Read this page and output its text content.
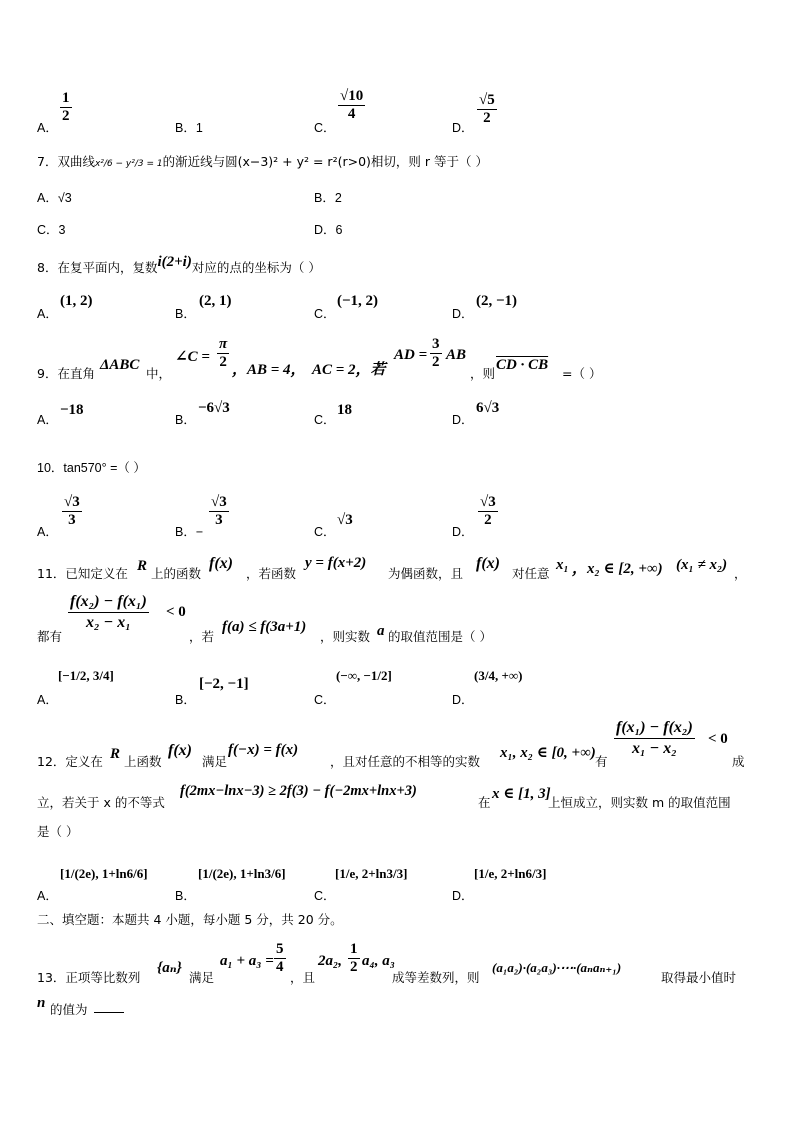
A．
1
2
B．1	C．
√10
4
D．
√5
2
7．双曲线x²/6 − y²/3 = 1的渐近线与圆(x−3)² + y² = r²(r>0)相切，则 r 等于（ ）
A．√3	B．2
C．3	D．6
8．在复平面内，复数i(2+i)对应的点的坐标为（ ）
A．
(1, 2)
B．
(2, 1)
C．
(−1, 2)
D．
(2, −1)
9．在直角
ΔABC
中，
∠C =
π
2 ，AB = 4， AC = 2，若
AD =
3
2 AB
，则
CD · CB
=（ ）
A．
−18
B．
−6√3
C．
18
D．
6√3
10．tan570° =（ ）
A．
√3
3
B．−
√3
3
C．
√3
D．
√3
2
11．已知定义在 R 上的函数
f(x)
，若函数
y = f(x+2)
为偶函数，且
f(x)
对任意
x₁ ，x₂ ∈ [2, +∞) (x₁ ≠ x₂)
，
f(x₂) − f(x₁)
x₂ − x₁
< 0
都有	，若
f(a) ≤ f(3a+1)
，则实数 a 的取值范围是（ ）
A．
[−1/2, 3/4]
B．
[−2, −1]
C．
(−∞, −1/2]
D．
(3/4, +∞)
12．定义在 R 上函数
f(x)
满足
f(−x) = f(x)
，且对任意的不相等的实数
x₁, x₂ ∈ [0, +∞)
有
f(x₁) − f(x₂)
x₁ − x₂
< 0
成
立，若关于 x 的不等式
f(2mx−lnx−3) ≥ 2f(3) − f(−2mx+lnx+3)
在
x ∈ [1, 3]
上恒成立，则实数 m 的取值范围
是（ ）
A．
[1/(2e), 1+ln6/6]
B．
[1/(2e), 1+ln3/6]
C．
[1/e, 2+ln3/3]
D．
[1/e, 2+ln6/3]
二、填空题：本题共 4 小题，每小题 5 分，共 20 分。
13．正项等比数列
{aₙ}
满足
a₁ + a₃ =
5
4
，且
2a₂,
1
2 a₄, a₃
成等差数列，则
(a₁a₂)·(a₂a₃)·⋯·(aₙaₙ₊₁)
取得最小值时
n 的值为
